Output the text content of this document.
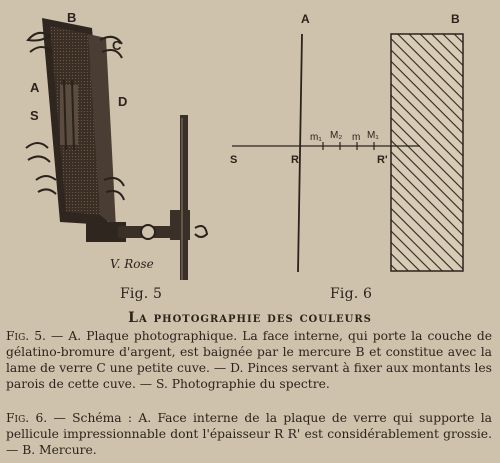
B
C
A
S
D
V. Rose
A	B
S	R	R'
m₁ M₂ m M₁
Fig. 5	Fig. 6
La photographie des couleurs
Fig. 5. — A. Plaque photographique. La face interne, qui porte la couche de gélatino-bromure d'argent, est baignée par le mercure B et constitue avec la lame de verre C une petite cuve. — D. Pinces servant à fixer aux montants les parois de cette cuve. — S. Photographie du spectre.
Fig. 6. — Schéma : A. Face interne de la plaque de verre qui supporte la pellicule impressionnable dont l'épaisseur R R' est considérablement grossie. — B. Mercure.
